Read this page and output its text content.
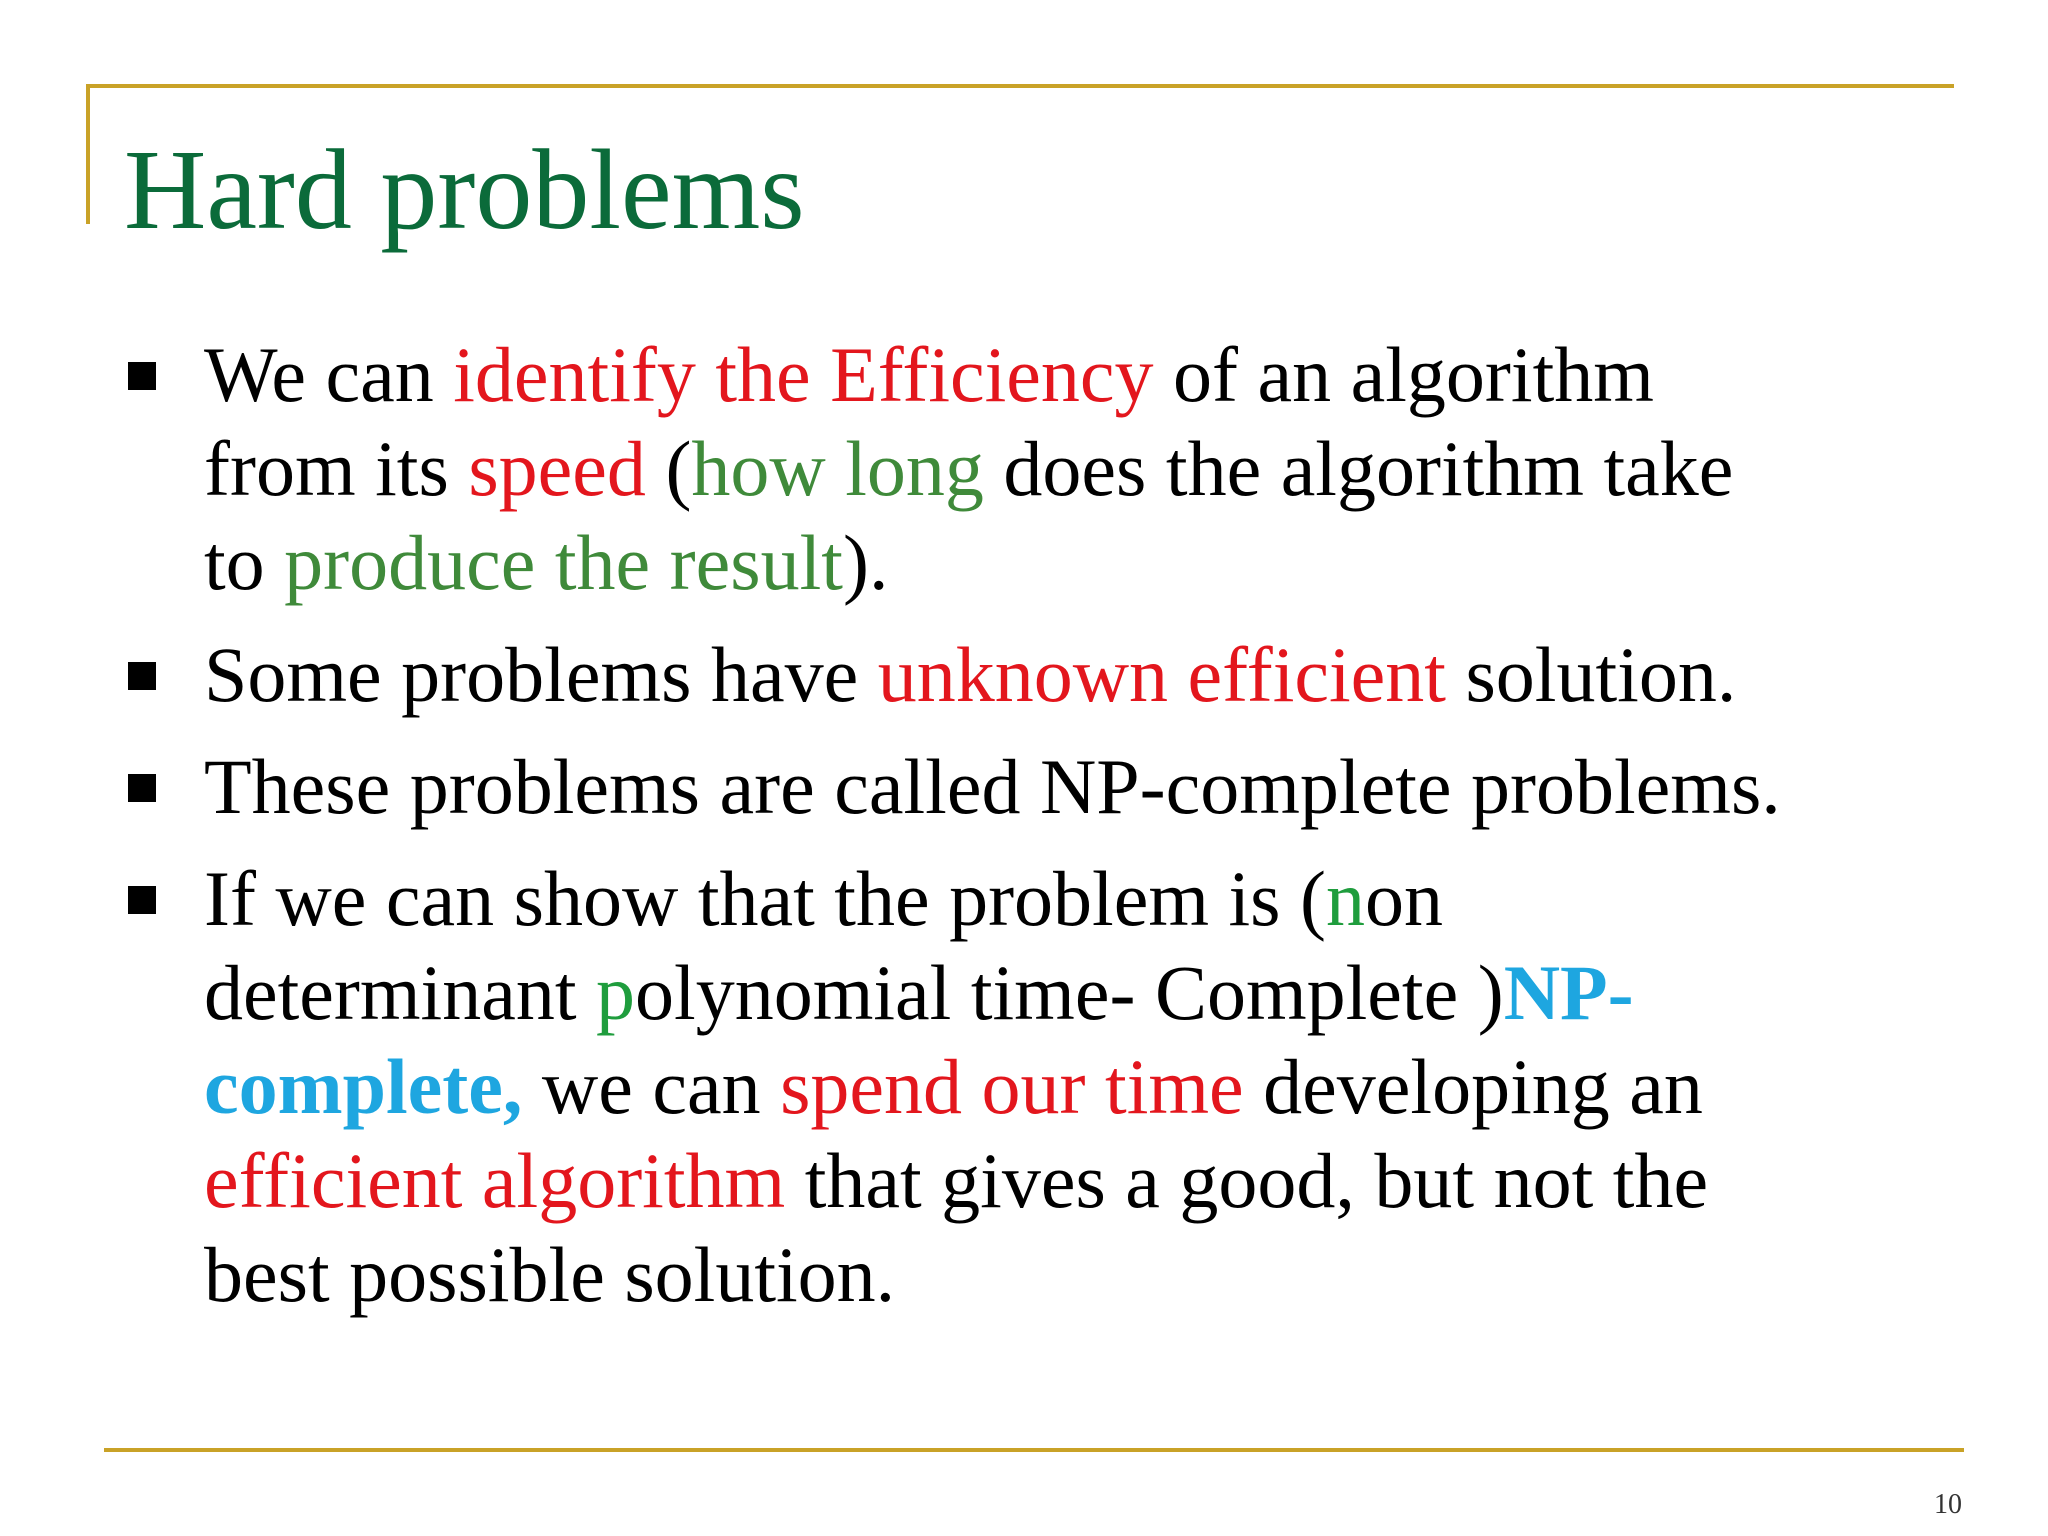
Hard problems
We can identify the Efficiency of an algorithm
from its speed (how long does the algorithm take
to produce the result).
Some problems have unknown efficient solution.
These problems are called NP-complete problems.
If we can show that the problem is (non
determinant polynomial time- Complete )NP-
complete, we can spend our time developing an
efficient algorithm that gives a good, but not the
best possible solution.
10
